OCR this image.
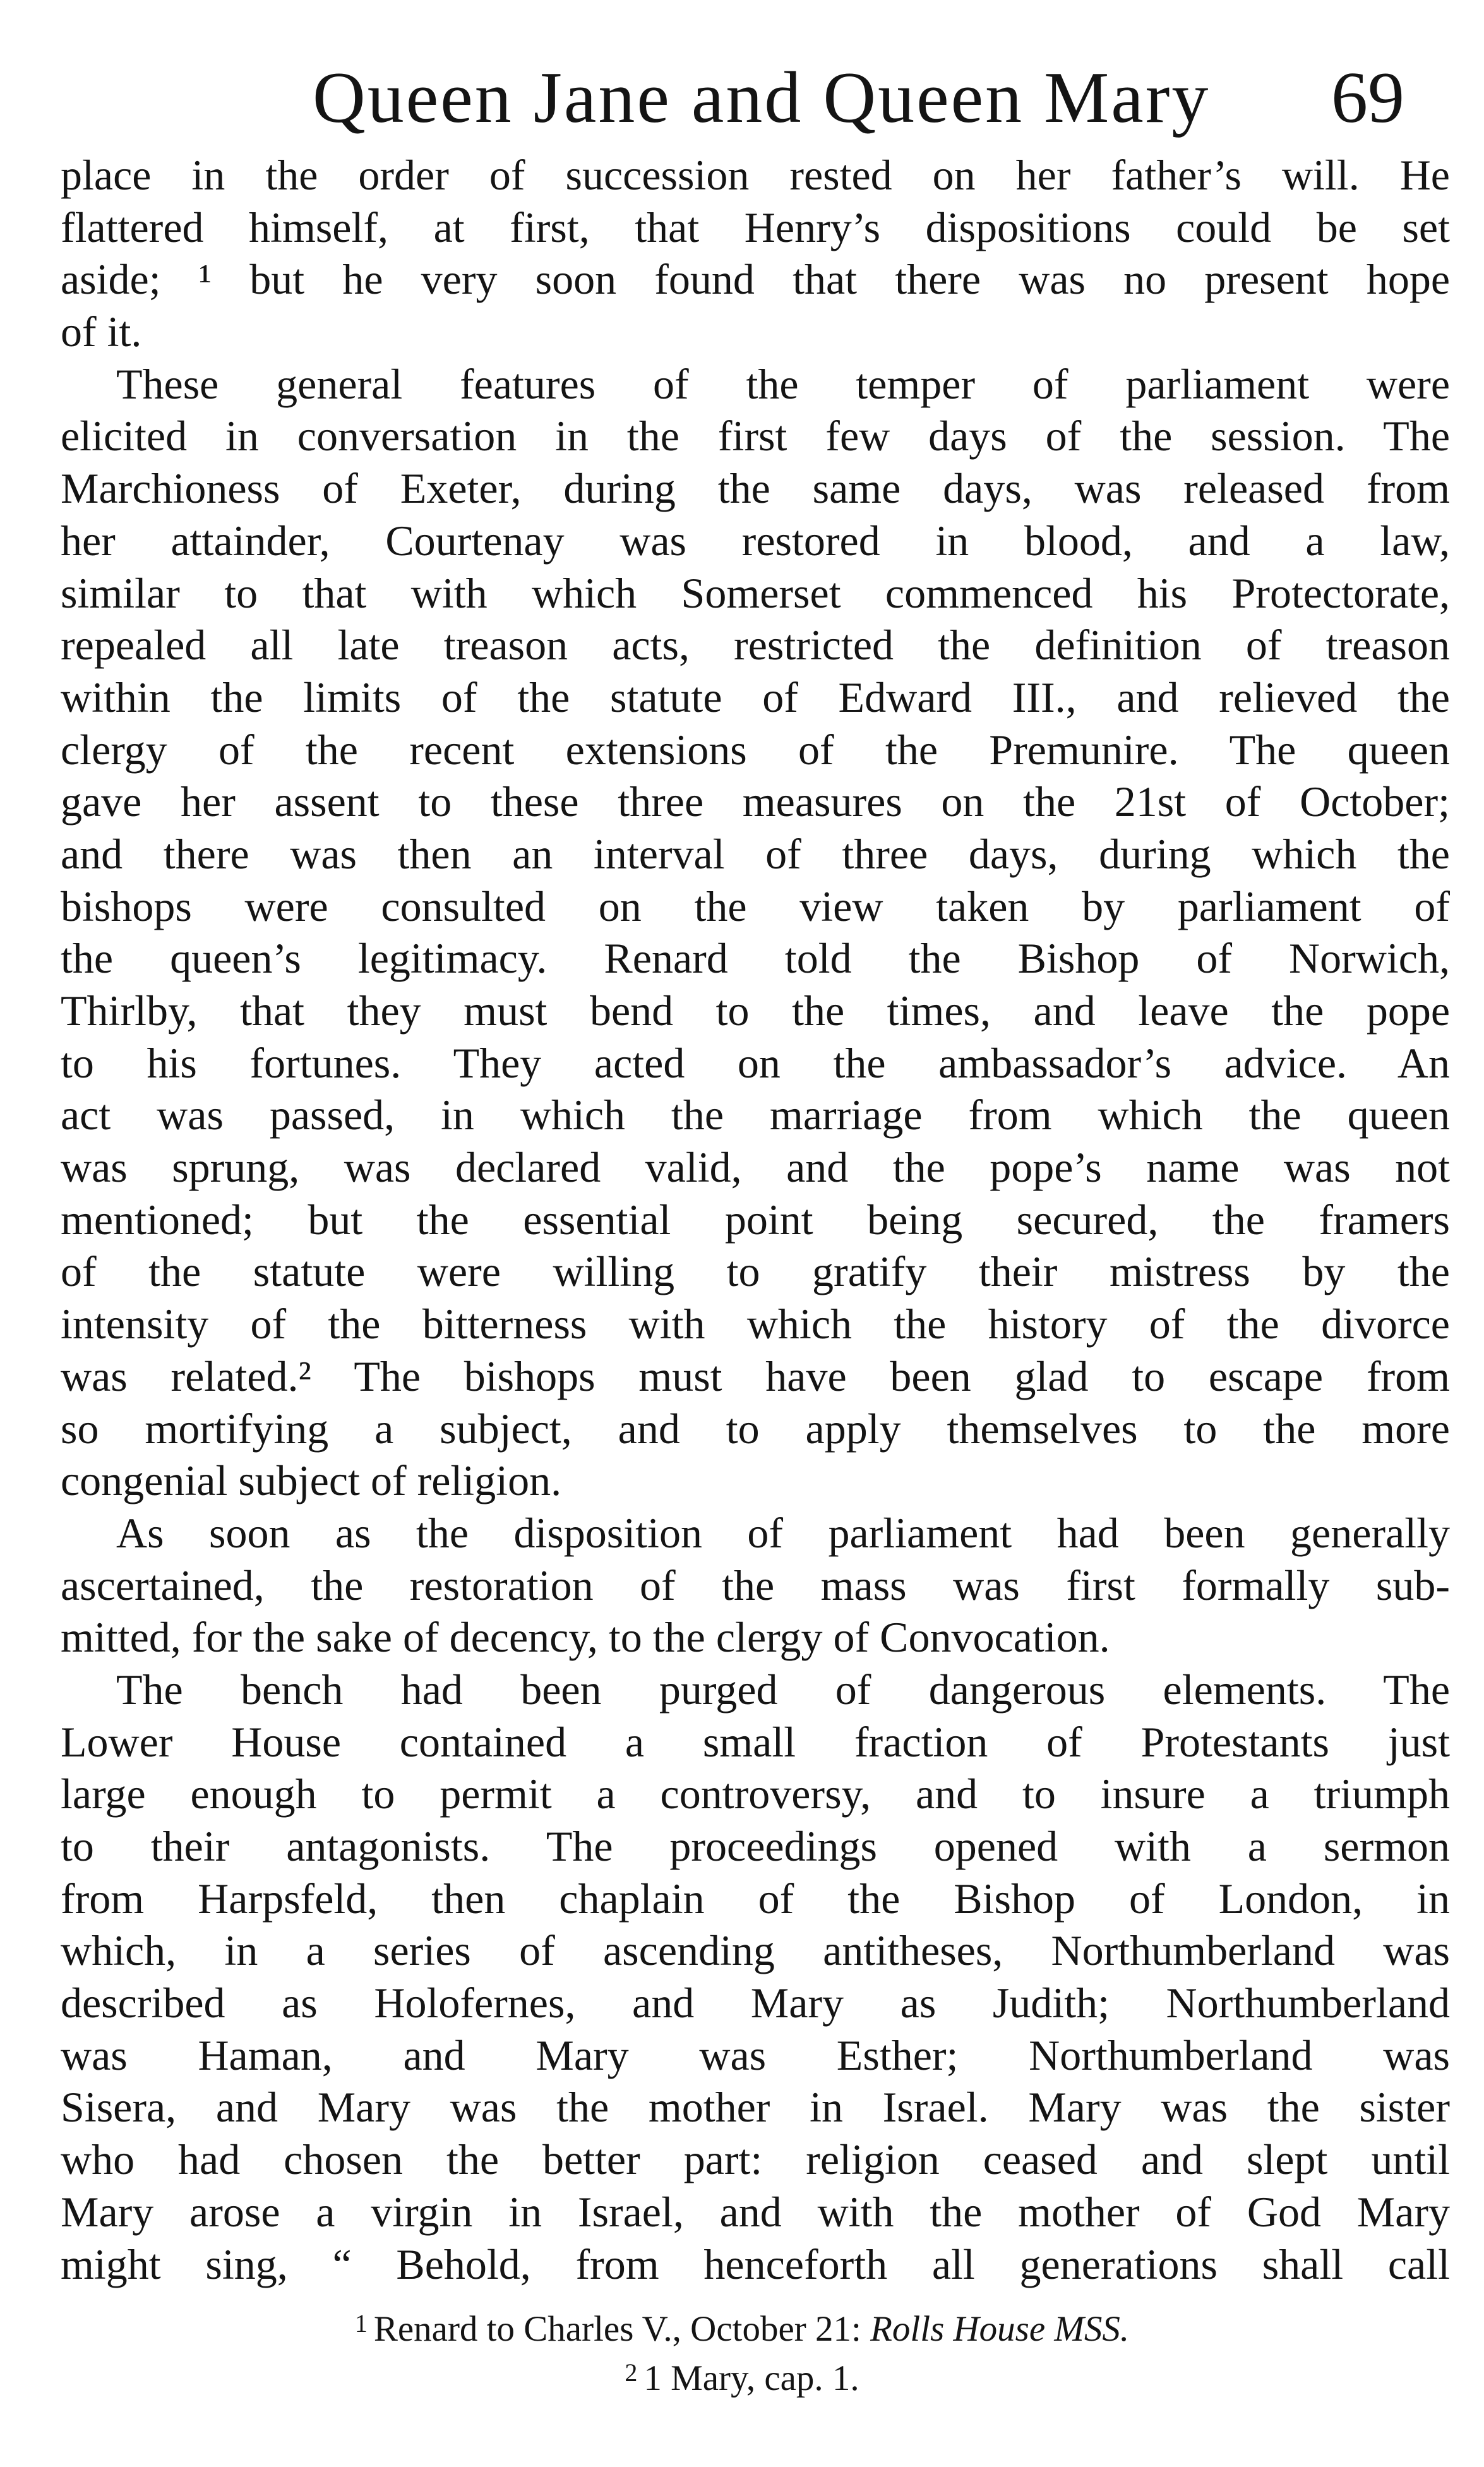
Queen Jane and Queen Mary 69
place in the order of succession rested on her father’s will. He
flattered himself, at first, that Henry’s dispositions could be set
aside; ¹ but he very soon found that there was no present hope
of it.
These general features of the temper of parliament were
elicited in conversation in the first few days of the session. The
Marchioness of Exeter, during the same days, was released from
her attainder, Courtenay was restored in blood, and a law,
similar to that with which Somerset commenced his Protectorate,
repealed all late treason acts, restricted the definition of treason
within the limits of the statute of Edward III., and relieved the
clergy of the recent extensions of the Premunire. The queen
gave her assent to these three measures on the 21st of October;
and there was then an interval of three days, during which the
bishops were consulted on the view taken by parliament of
the queen’s legitimacy. Renard told the Bishop of Norwich,
Thirlby, that they must bend to the times, and leave the pope
to his fortunes. They acted on the ambassador’s advice. An
act was passed, in which the marriage from which the queen
was sprung, was declared valid, and the pope’s name was not
mentioned; but the essential point being secured, the framers
of the statute were willing to gratify their mistress by the
intensity of the bitterness with which the history of the divorce
was related.² The bishops must have been glad to escape from
so mortifying a subject, and to apply themselves to the more
congenial subject of religion.
As soon as the disposition of parliament had been generally
ascertained, the restoration of the mass was first formally sub-
mitted, for the sake of decency, to the clergy of Convocation.
The bench had been purged of dangerous elements. The
Lower House contained a small fraction of Protestants just
large enough to permit a controversy, and to insure a triumph
to their antagonists. The proceedings opened with a sermon
from Harpsfeld, then chaplain of the Bishop of London, in
which, in a series of ascending antitheses, Northumberland was
described as Holofernes, and Mary as Judith; Northumberland
was Haman, and Mary was Esther; Northumberland was
Sisera, and Mary was the mother in Israel. Mary was the sister
who had chosen the better part: religion ceased and slept until
Mary arose a virgin in Israel, and with the mother of God Mary
might sing, “ Behold, from henceforth all generations shall call
$^1$ Renard to Charles V., October 21: Rolls House MSS.
$^2$ 1 Mary, cap. 1.
